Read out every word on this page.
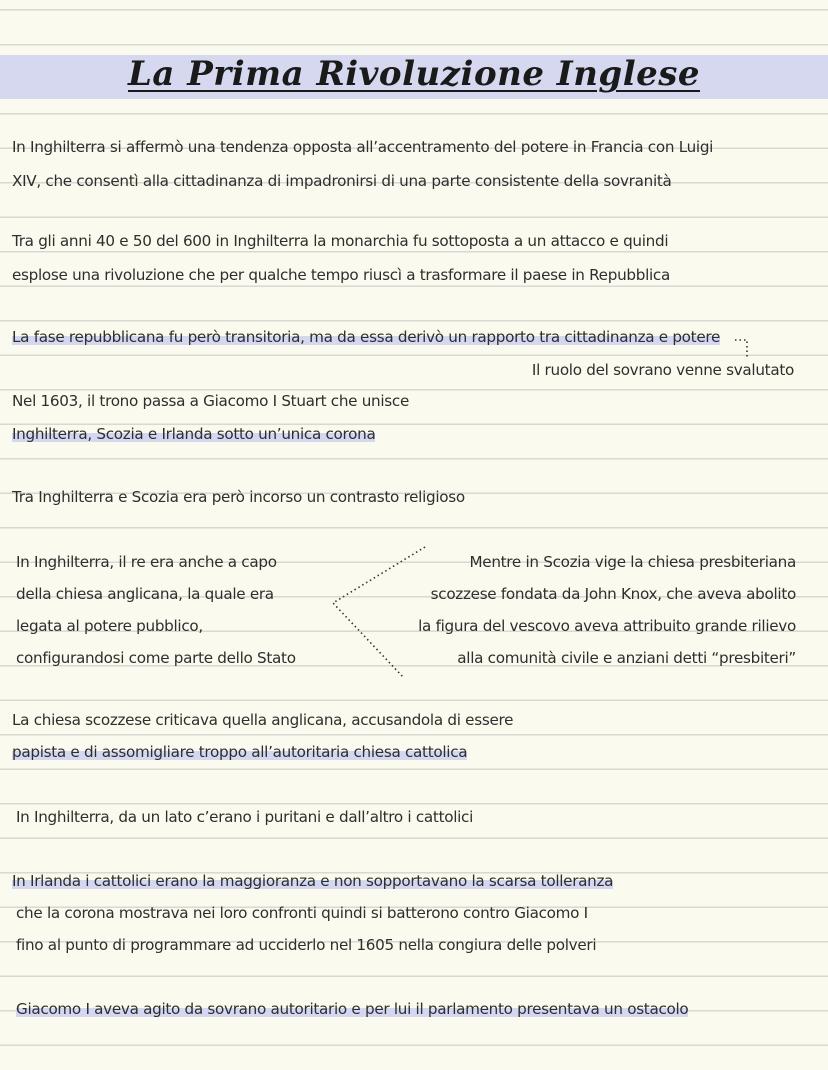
La Prima Rivoluzione Inglese
In Inghilterra si affermò una tendenza opposta all’accentramento del potere in Francia con Luigi
XIV, che consentì alla cittadinanza di impadronirsi di una parte consistente della sovranità
Tra gli anni 40 e 50 del 600 in Inghilterra la monarchia fu sottoposta a un attacco e quindi
esplose una rivoluzione che per qualche tempo riuscì a trasformare il paese in Repubblica
La fase repubblicana fu però transitoria, ma da essa derivò un rapporto tra cittadinanza e potere
Il ruolo del sovrano venne svalutato
Nel 1603, il trono passa a Giacomo I Stuart che unisce
Inghilterra, Scozia e Irlanda sotto un’unica corona
Tra Inghilterra e Scozia era però incorso un contrasto religioso
In Inghilterra, il re era anche a capo
della chiesa anglicana, la quale era
legata al potere pubblico,
configurandosi come parte dello Stato
Mentre in Scozia vige la chiesa presbiteriana
scozzese fondata da John Knox, che aveva abolito
la figura del vescovo aveva attribuito grande rilievo
alla comunità civile e anziani detti “presbiteri”
La chiesa scozzese criticava quella anglicana, accusandola di essere
papista e di assomigliare troppo all’autoritaria chiesa cattolica
In Inghilterra, da un lato c’erano i puritani e dall’altro i cattolici
In Irlanda i cattolici erano la maggioranza e non sopportavano la scarsa tolleranza
che la corona mostrava nei loro confronti quindi si batterono contro Giacomo I
fino al punto di programmare ad ucciderlo nel 1605 nella congiura delle polveri
Giacomo I aveva agito da sovrano autoritario e per lui il parlamento presentava un ostacolo
